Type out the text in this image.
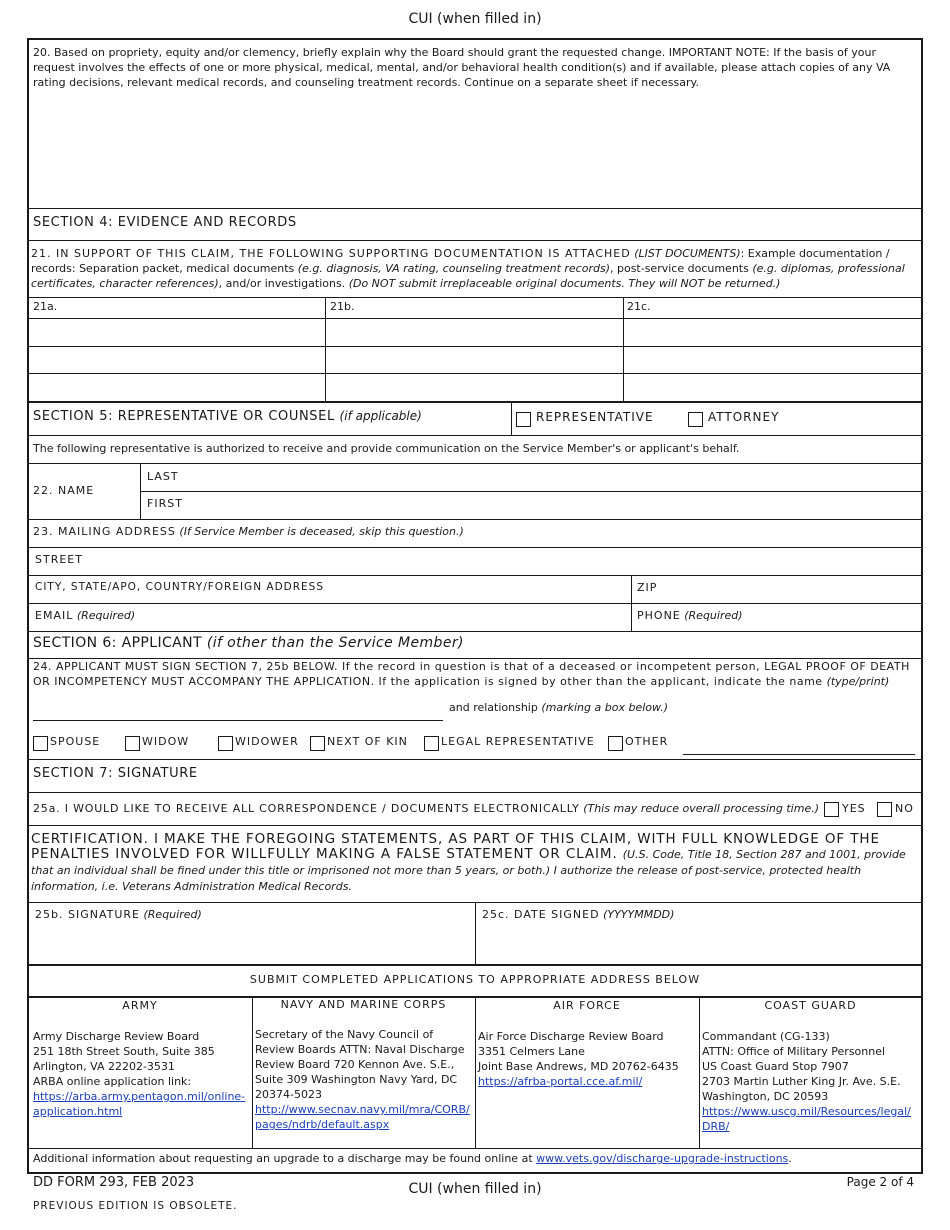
CUI (when filled in)
20. Based on propriety, equity and/or clemency, briefly explain why the Board should grant the requested change. IMPORTANT NOTE: If the basis of your request involves the effects of one or more physical, medical, mental, and/or behavioral health condition(s) and if available, please attach copies of any VA rating decisions, relevant medical records, and counseling treatment records. Continue on a separate sheet if necessary.
SECTION 4: EVIDENCE AND RECORDS
21. IN SUPPORT OF THIS CLAIM, THE FOLLOWING SUPPORTING DOCUMENTATION IS ATTACHED (LIST DOCUMENTS): Example documentation / records: Separation packet, medical documents (e.g. diagnosis, VA rating, counseling treatment records), post-service documents (e.g. diplomas, professional certificates, character references), and/or investigations. (Do NOT submit irreplaceable original documents. They will NOT be returned.)
21a.	21b.	21c.
SECTION 5: REPRESENTATIVE OR COUNSEL (if applicable)	REPRESENTATIVE	ATTORNEY
The following representative is authorized to receive and provide communication on the Service Member's or applicant's behalf.
22. NAME
LAST
FIRST
23. MAILING ADDRESS (If Service Member is deceased, skip this question.)
STREET
CITY, STATE/APO, COUNTRY/FOREIGN ADDRESS	ZIP
EMAIL (Required)	PHONE (Required)
SECTION 6: APPLICANT (if other than the Service Member)
24. APPLICANT MUST SIGN SECTION 7, 25b BELOW. If the record in question is that of a deceased or incompetent person, LEGAL PROOF OF DEATH OR INCOMPETENCY MUST ACCOMPANY THE APPLICATION. If the application is signed by other than the applicant, indicate the name (type/print)
and relationship (marking a box below.)
SPOUSE	WIDOW	WIDOWER	NEXT OF KIN	LEGAL REPRESENTATIVE	OTHER
SECTION 7: SIGNATURE
25a. I WOULD LIKE TO RECEIVE ALL CORRESPONDENCE / DOCUMENTS ELECTRONICALLY (This may reduce overall processing time.) YES	NO
CERTIFICATION. I MAKE THE FOREGOING STATEMENTS, AS PART OF THIS CLAIM, WITH FULL KNOWLEDGE OF THE PENALTIES INVOLVED FOR WILLFULLY MAKING A FALSE STATEMENT OR CLAIM. (U.S. Code, Title 18, Section 287 and 1001, provide that an individual shall be fined under this title or imprisoned not more than 5 years, or both.) I authorize the release of post-service, protected health information, i.e. Veterans Administration Medical Records.
25b. SIGNATURE (Required)	25c. DATE SIGNED (YYYYMMDD)
SUBMIT COMPLETED APPLICATIONS TO APPROPRIATE ADDRESS BELOW
ARMY
Army Discharge Review Board
251 18th Street South, Suite 385
Arlington, VA 22202-3531
ARBA online application link:
https://arba.army.pentagon.mil/online-
application.html
NAVY AND MARINE CORPS
Secretary of the Navy Council of
Review Boards ATTN: Naval Discharge
Review Board 720 Kennon Ave. S.E.,
Suite 309 Washington Navy Yard, DC
20374-5023
http://www.secnav.navy.mil/mra/CORB/
pages/ndrb/default.aspx
AIR FORCE
Air Force Discharge Review Board
3351 Celmers Lane
Joint Base Andrews, MD 20762-6435
https://afrba-portal.cce.af.mil/
COAST GUARD
Commandant (CG-133)
ATTN: Office of Military Personnel
US Coast Guard Stop 7907
2703 Martin Luther King Jr. Ave. S.E.
Washington, DC 20593
https://www.uscg.mil/Resources/legal/
DRB/
Additional information about requesting an upgrade to a discharge may be found online at www.vets.gov/discharge-upgrade-instructions.
DD FORM 293, FEB 2023
PREVIOUS EDITION IS OBSOLETE.
CUI (when filled in)	Page 2 of 4
